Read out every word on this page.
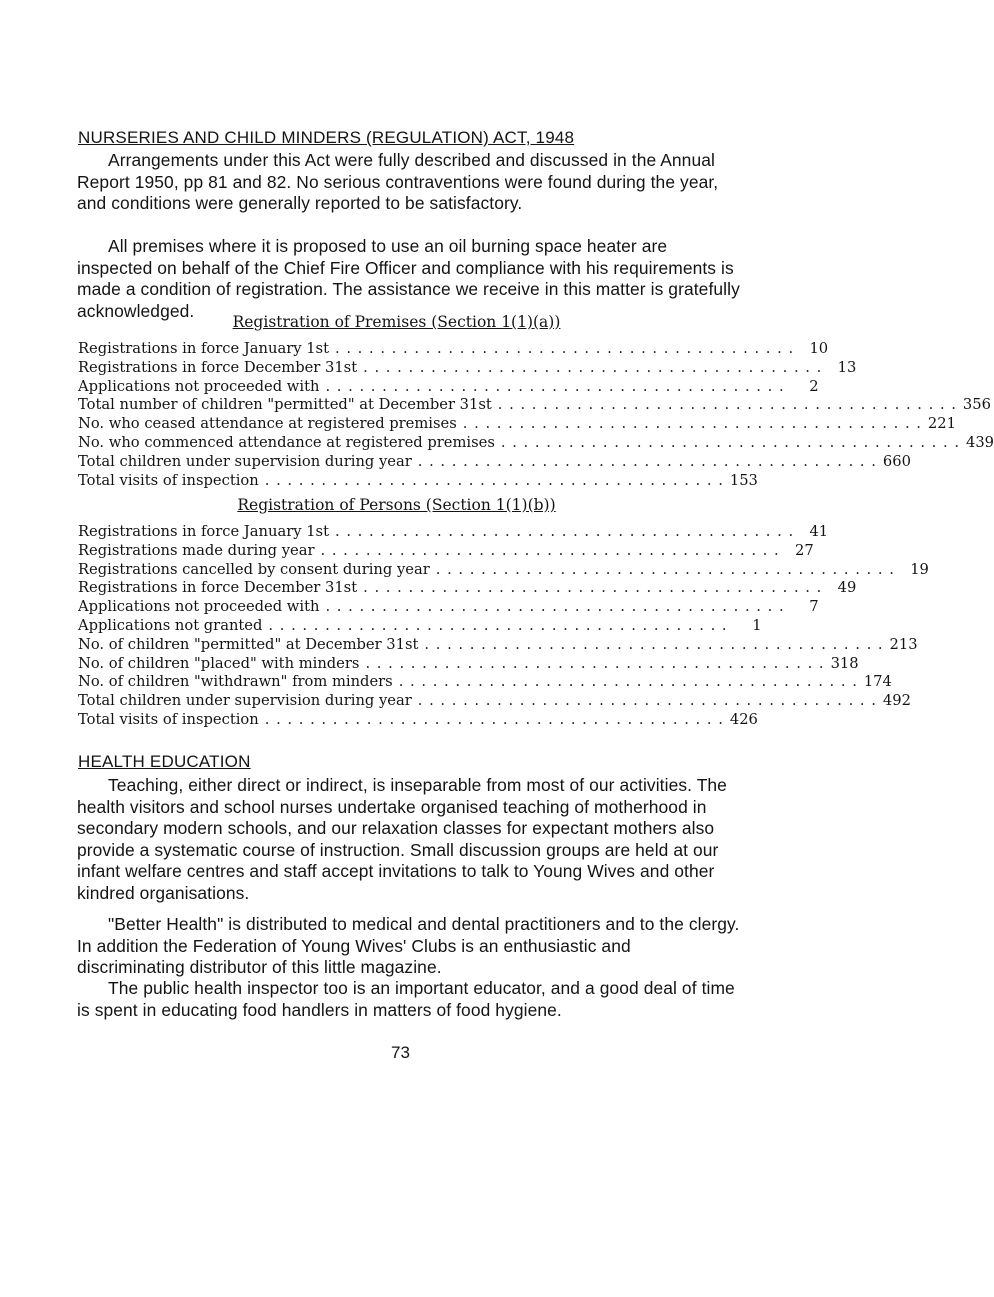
NURSERIES AND CHILD MINDERS (REGULATION) ACT, 1948

Arrangements under this Act were fully described and discussed in the Annual Report 1950, pp 81 and 82. No serious contraventions were found during the year, and conditions were generally reported to be satisfactory.

All premises where it is proposed to use an oil burning space heater are inspected on behalf of the Chief Fire Officer and compliance with his requirements is made a condition of registration. The assistance we receive in this matter is gratefully acknowledged.

Registration of Premises (Section 1(1)(a))
Registrations in force January 1st . . . . . . . . . . . . . . . . . . . . . . . . . . . . . . . . . . . . . . . . .	10
Registrations in force December 31st . . . . . . . . . . . . . . . . . . . . . . . . . . . . . . . . . . . . . . . . .	13
Applications not proceeded with . . . . . . . . . . . . . . . . . . . . . . . . . . . . . . . . . . . . . . . . .	2
Total number of children "permitted" at December 31st . . . . . . . . . . . . . . . . . . . . . . . . . . . . . . . . . . . . . . . . . 356
No. who ceased attendance at registered premises . . . . . . . . . . . . . . . . . . . . . . . . . . . . . . . . . . . . . . . . . 221
No. who commenced attendance at registered premises . . . . . . . . . . . . . . . . . . . . . . . . . . . . . . . . . . . . . . . . . 439
Total children under supervision during year . . . . . . . . . . . . . . . . . . . . . . . . . . . . . . . . . . . . . . . . . 660
Total visits of inspection . . . . . . . . . . . . . . . . . . . . . . . . . . . . . . . . . . . . . . . . . 153
Registration of Persons (Section 1(1)(b))
Registrations in force January 1st . . . . . . . . . . . . . . . . . . . . . . . . . . . . . . . . . . . . . . . . .	41
Registrations made during year . . . . . . . . . . . . . . . . . . . . . . . . . . . . . . . . . . . . . . . . .	27
Registrations cancelled by consent during year . . . . . . . . . . . . . . . . . . . . . . . . . . . . . . . . . . . . . . . . .	19
Registrations in force December 31st . . . . . . . . . . . . . . . . . . . . . . . . . . . . . . . . . . . . . . . . .	49
Applications not proceeded with . . . . . . . . . . . . . . . . . . . . . . . . . . . . . . . . . . . . . . . . .	7
Applications not granted . . . . . . . . . . . . . . . . . . . . . . . . . . . . . . . . . . . . . . . . .	1
No. of children "permitted" at December 31st . . . . . . . . . . . . . . . . . . . . . . . . . . . . . . . . . . . . . . . . . 213
No. of children "placed" with minders . . . . . . . . . . . . . . . . . . . . . . . . . . . . . . . . . . . . . . . . . 318
No. of children "withdrawn" from minders . . . . . . . . . . . . . . . . . . . . . . . . . . . . . . . . . . . . . . . . . 174
Total children under supervision during year . . . . . . . . . . . . . . . . . . . . . . . . . . . . . . . . . . . . . . . . . 492
Total visits of inspection . . . . . . . . . . . . . . . . . . . . . . . . . . . . . . . . . . . . . . . . . 426
HEALTH EDUCATION

Teaching, either direct or indirect, is inseparable from most of our activities. The health visitors and school nurses undertake organised teaching of motherhood in secondary modern schools, and our relaxation classes for expectant mothers also provide a systematic course of instruction. Small discussion groups are held at our infant welfare centres and staff accept invitations to talk to Young Wives and other kindred organisations.

"Better Health" is distributed to medical and dental practitioners and to the clergy. In addition the Federation of Young Wives' Clubs is an enthusiastic and discriminating distributor of this little magazine.

The public health inspector too is an important educator, and a good deal of time is spent in educating food handlers in matters of food hygiene.

73
